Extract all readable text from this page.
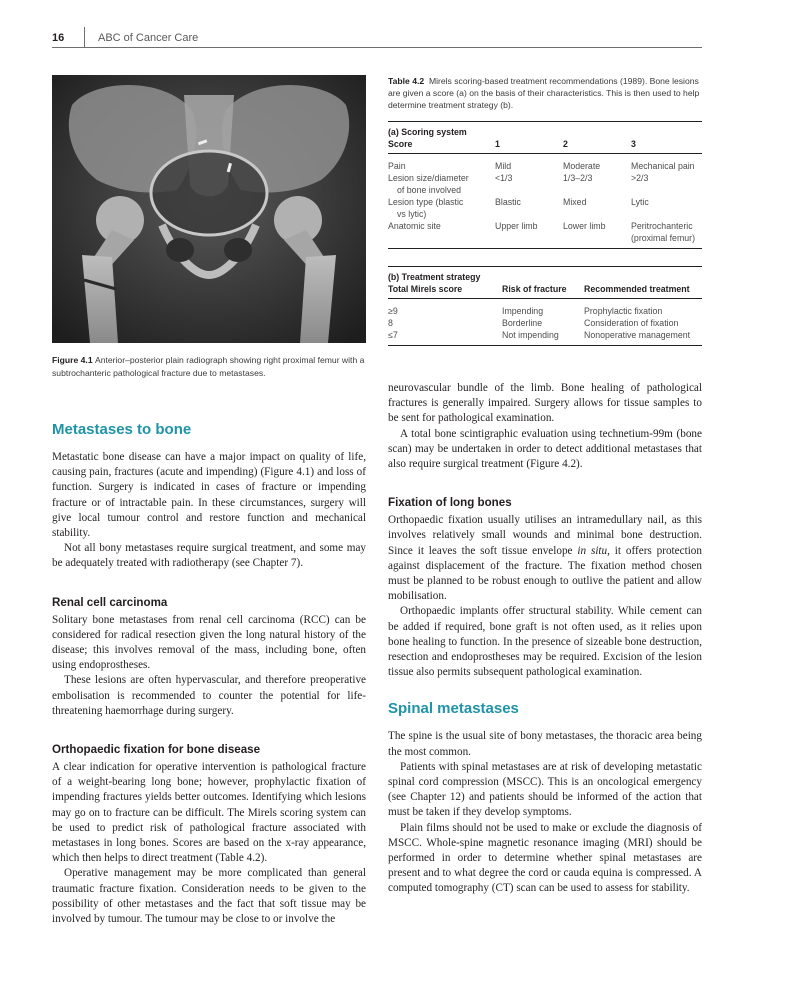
16	ABC of Cancer Care
Figure 4.1 Anterior–posterior plain radiograph showing right proximal femur with a subtrochanteric pathological fracture due to metastases.
Metastases to bone

Metastatic bone disease can have a major impact on quality of life, causing pain, fractures (acute and impending) (Figure 4.1) and loss of function. Surgery is indicated in cases of fracture or impending fracture or of intractable pain. In these circumstances, surgery will give local tumour control and restore function and mechanical stability.

Not all bony metastases require surgical treatment, and some may be adequately treated with radiotherapy (see Chapter 7).

Renal cell carcinoma

Solitary bone metastases from renal cell carcinoma (RCC) can be considered for radical resection given the long natural history of the disease; this involves removal of the mass, including bone, often using endoprostheses.

These lesions are often hypervascular, and therefore preoperative embolisation is recommended to counter the potential for life-threatening haemorrhage during surgery.

Orthopaedic fixation for bone disease

A clear indication for operative intervention is pathological fracture of a weight-bearing long bone; however, prophylactic fixation of impending fractures yields better outcomes. Identifying which lesions may go on to fracture can be difficult. The Mirels scoring system can be used to predict risk of pathological fracture associated with metastases in long bones. Scores are based on the x-ray appearance, which then helps to direct treatment (Table 4.2).

Operative management may be more complicated than general traumatic fracture fixation. Consideration needs to be given to the possibility of other metastases and the fact that soft tissue may be involved by tumour. The tumour may be close to or involve the

Table 4.2 Mirels scoring-based treatment recommendations (1989). Bone lesions are given a score (a) on the basis of their characteristics. This is then used to help determine treatment strategy (b).
(a) Scoring system			
Score	1	2	3
Pain	Mild	Moderate	Mechanical pain

Lesion size/diameter
of bone involved	<1/3	1/3–2/3	>2/3

Lesion type (blastic
vs lytic)	Blastic	Mixed	Lytic
Anatomic site	Upper limb	Lower limb	Peritrochanteric
(proximal femur)
(b) Treatment strategy		
Total Mirels score	Risk of fracture	Recommended treatment
≥9	Impending	Prophylactic fixation
8	Borderline	Consideration of fixation
≤7	Not impending	Nonoperative management

neurovascular bundle of the limb. Bone healing of pathological fractures is generally impaired. Surgery allows for tissue samples to be sent for pathological examination.

A total bone scintigraphic evaluation using technetium-99m (bone scan) may be undertaken in order to detect additional metastases that also require surgical treatment (Figure 4.2).

Fixation of long bones

Orthopaedic fixation usually utilises an intramedullary nail, as this involves relatively small wounds and minimal bone destruction. Since it leaves the soft tissue envelope in situ, it offers protection against displacement of the fracture. The fixation method chosen must be planned to be robust enough to outlive the patient and allow mobilisation.

Orthopaedic implants offer structural stability. While cement can be added if required, bone graft is not often used, as it relies upon bone healing to function. In the presence of sizeable bone destruction, resection and endoprostheses may be required. Excision of the lesion tissue also permits subsequent pathological examination.

Spinal metastases

The spine is the usual site of bony metastases, the thoracic area being the most common.

Patients with spinal metastases are at risk of developing metastatic spinal cord compression (MSCC). This is an oncological emergency (see Chapter 12) and patients should be informed of the action that must be taken if they develop symptoms.

Plain films should not be used to make or exclude the diagnosis of MSCC. Whole-spine magnetic resonance imaging (MRI) should be performed in order to determine whether spinal metastases are present and to what degree the cord or cauda equina is compressed. A computed tomography (CT) scan can be used to assess for stability.
